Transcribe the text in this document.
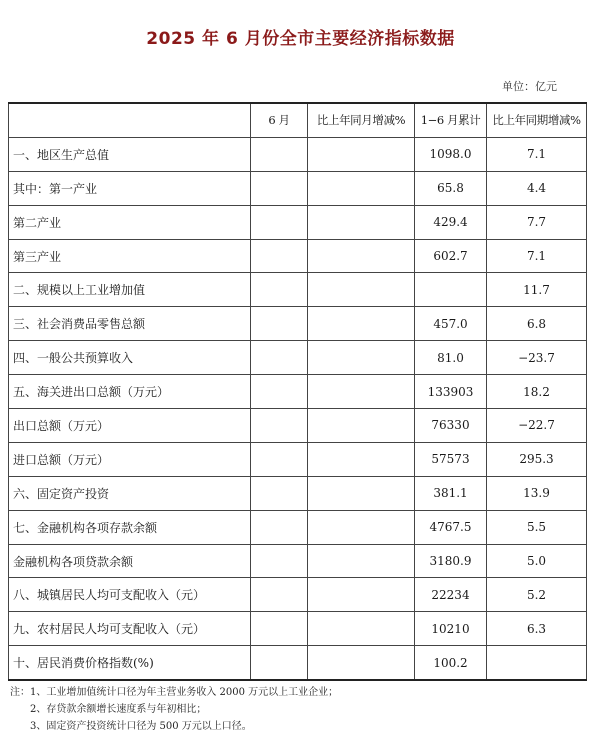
2025 年 6 月份全市主要经济指标数据
单位：亿元
	6 月	比上年同月增减%	1−6 月累计	比上年同期增减%
一、地区生产总值			1098.0	7.1
其中：第一产业			65.8	4.4
第二产业			429.4	7.7
第三产业			602.7	7.1
二、规模以上工业增加值				11.7
三、社会消费品零售总额			457.0	6.8
四、一般公共预算收入			81.0	−23.7
五、海关进出口总额（万元）			133903	18.2
出口总额（万元）			76330	−22.7
进口总额（万元）			57573	295.3
六、固定资产投资			381.1	13.9
七、金融机构各项存款余额			4767.5	5.5
金融机构各项贷款余额			3180.9	5.0
八、城镇居民人均可支配收入（元）			22234	5.2
九、农村居民人均可支配收入（元）			10210	6.3
十、居民消费价格指数(%)			100.2	
注：1、工业增加值统计口径为年主营业务收入 2000 万元以上工业企业；
2、存贷款余额增长速度系与年初相比；
3、固定资产投资统计口径为 500 万元以上口径。
